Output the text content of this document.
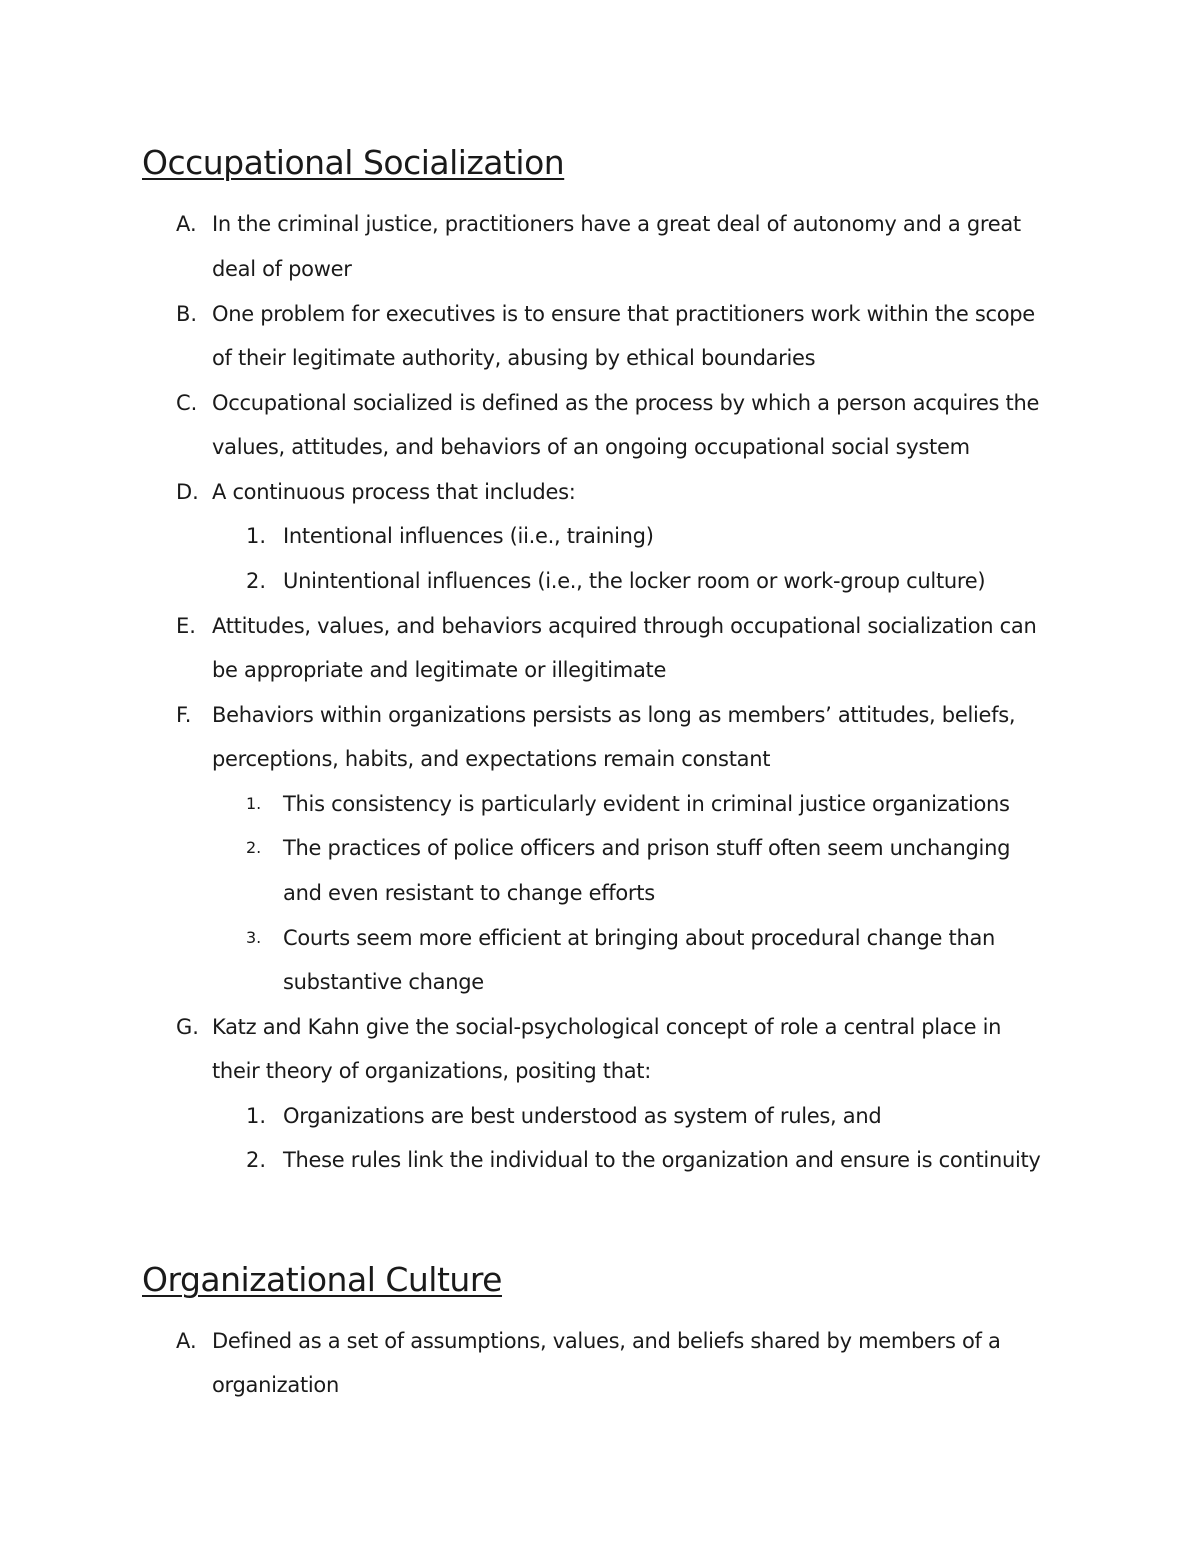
Occupational Socialization
A. In the criminal justice, practitioners have a great deal of autonomy and a great
deal of power
B. One problem for executives is to ensure that practitioners work within the scope
of their legitimate authority, abusing by ethical boundaries
C. Occupational socialized is defined as the process by which a person acquires the
values, attitudes, and behaviors of an ongoing occupational social system
D. A continuous process that includes:
1. Intentional influences (ii.e., training)
2. Unintentional influences (i.e., the locker room or work-group culture)
E. Attitudes, values, and behaviors acquired through occupational socialization can
be appropriate and legitimate or illegitimate
F. Behaviors within organizations persists as long as members’ attitudes, beliefs,
perceptions, habits, and expectations remain constant
1. This consistency is particularly evident in criminal justice organizations
2. The practices of police officers and prison stuff often seem unchanging
and even resistant to change efforts
3. Courts seem more efficient at bringing about procedural change than
substantive change
G. Katz and Kahn give the social-psychological concept of role a central place in
their theory of organizations, positing that:
1. Organizations are best understood as system of rules, and
2. These rules link the individual to the organization and ensure is continuity
Organizational Culture
A. Defined as a set of assumptions, values, and beliefs shared by members of a
organization
